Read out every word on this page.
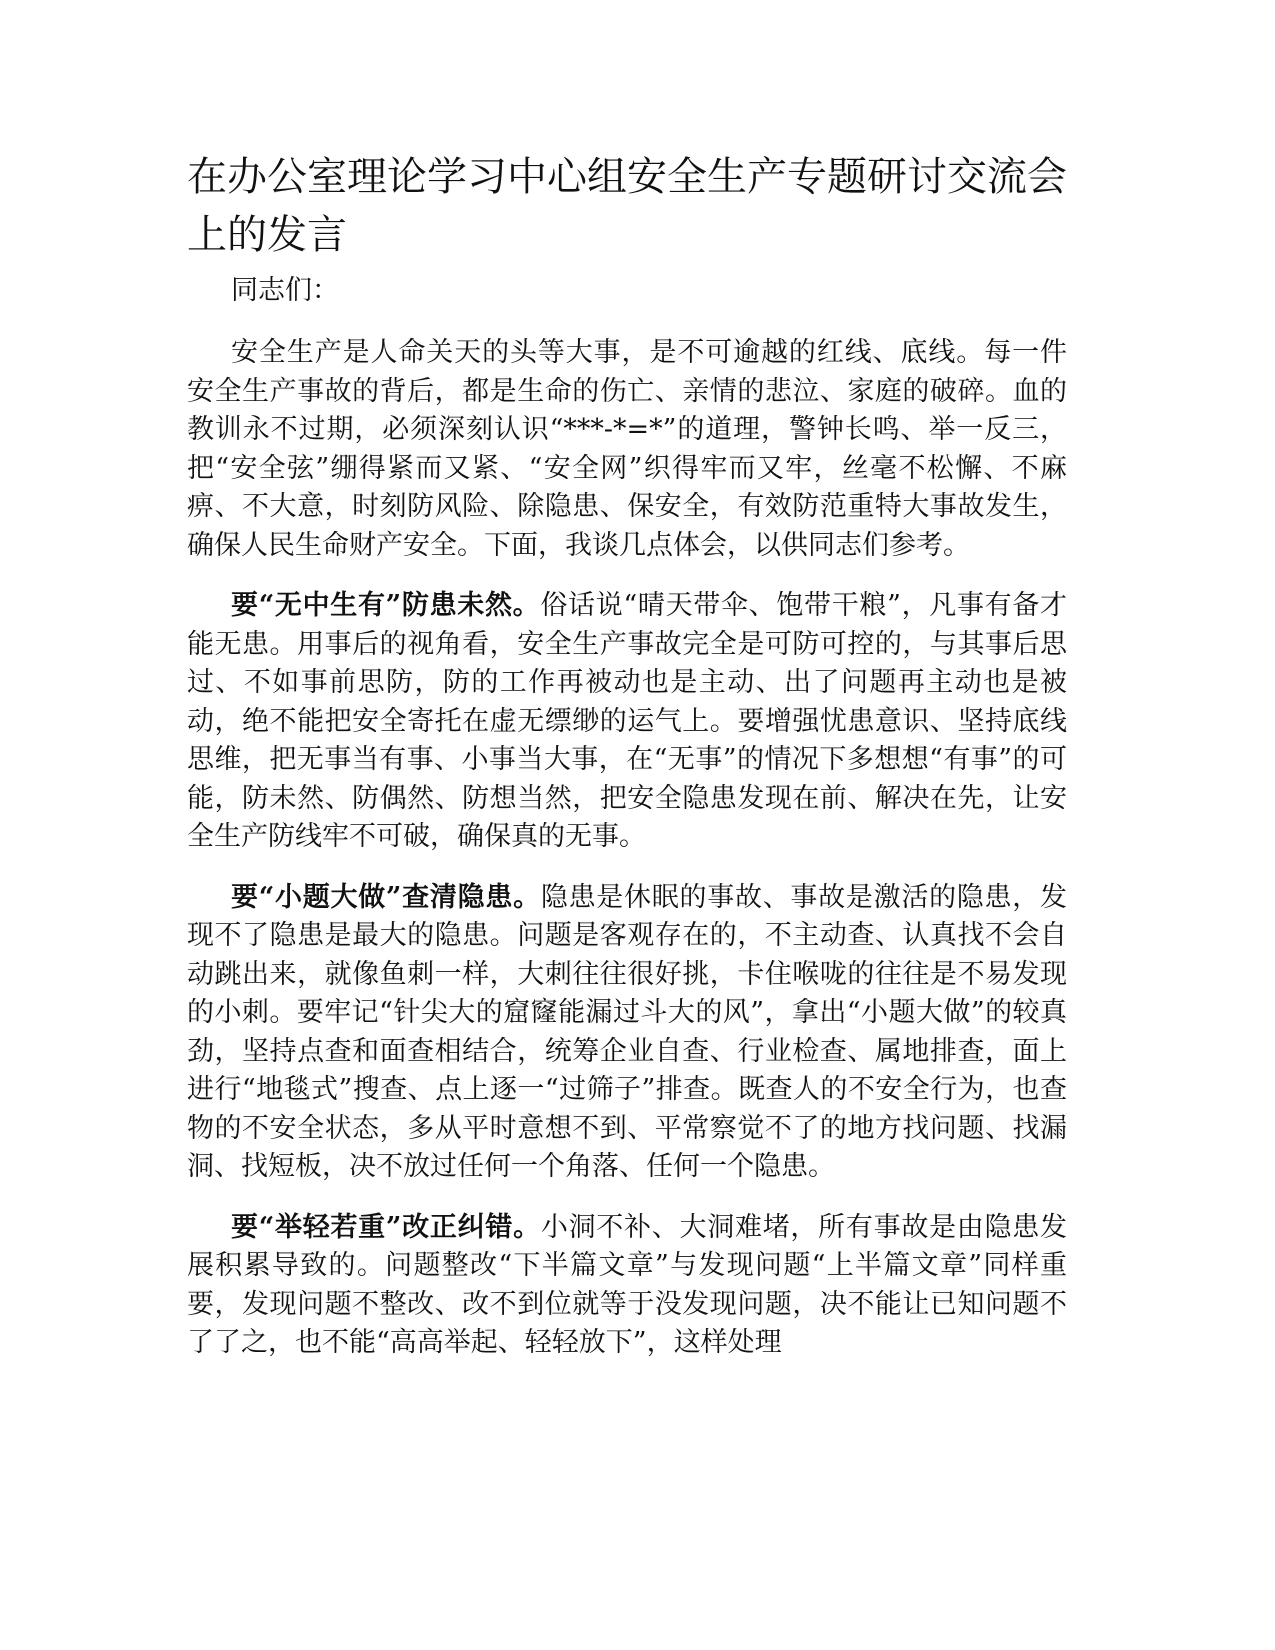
在办公室理论学习中心组安全生产专题研讨交流会上的发言

同志们：

安全生产是人命关天的头等大事，是不可逾越的红线、底线。每一件安全生产事故的背后，都是生命的伤亡、亲情的悲泣、家庭的破碎。血的教训永不过期，必须深刻认识“***-*=*”的道理，警钟长鸣、举一反三，把“安全弦”绷得紧而又紧、“安全网”织得牢而又牢，丝毫不松懈、不麻痹、不大意，时刻防风险、除隐患、保安全，有效防范重特大事故发生，确保人民生命财产安全。下面，我谈几点体会，以供同志们参考。

要“无中生有”防患未然。俗话说“晴天带伞、饱带干粮”，凡事有备才能无患。用事后的视角看，安全生产事故完全是可防可控的，与其事后思过、不如事前思防，防的工作再被动也是主动、出了问题再主动也是被动，绝不能把安全寄托在虚无缥缈的运气上。要增强忧患意识、坚持底线思维，把无事当有事、小事当大事，在“无事”的情况下多想想“有事”的可能，防未然、防偶然、防想当然，把安全隐患发现在前、解决在先，让安全生产防线牢不可破，确保真的无事。

要“小题大做”查清隐患。隐患是休眠的事故、事故是激活的隐患，发现不了隐患是最大的隐患。问题是客观存在的，不主动查、认真找不会自动跳出来，就像鱼刺一样，大刺往往很好挑，卡住喉咙的往往是不易发现的小刺。要牢记“针尖大的窟窿能漏过斗大的风”，拿出“小题大做”的较真劲，坚持点查和面查相结合，统筹企业自查、行业检查、属地排查，面上进行“地毯式”搜查、点上逐一“过筛子”排查。既查人的不安全行为，也查物的不安全状态，多从平时意想不到、平常察觉不了的地方找问题、找漏洞、找短板，决不放过任何一个角落、任何一个隐患。

要“举轻若重”改正纠错。小洞不补、大洞难堵，所有事故是由隐患发展积累导致的。问题整改“下半篇文章”与发现问题“上半篇文章”同样重要，发现问题不整改、改不到位就等于没发现问题，决不能让已知问题不了了之，也不能“高高举起、轻轻放下”，这样处理
